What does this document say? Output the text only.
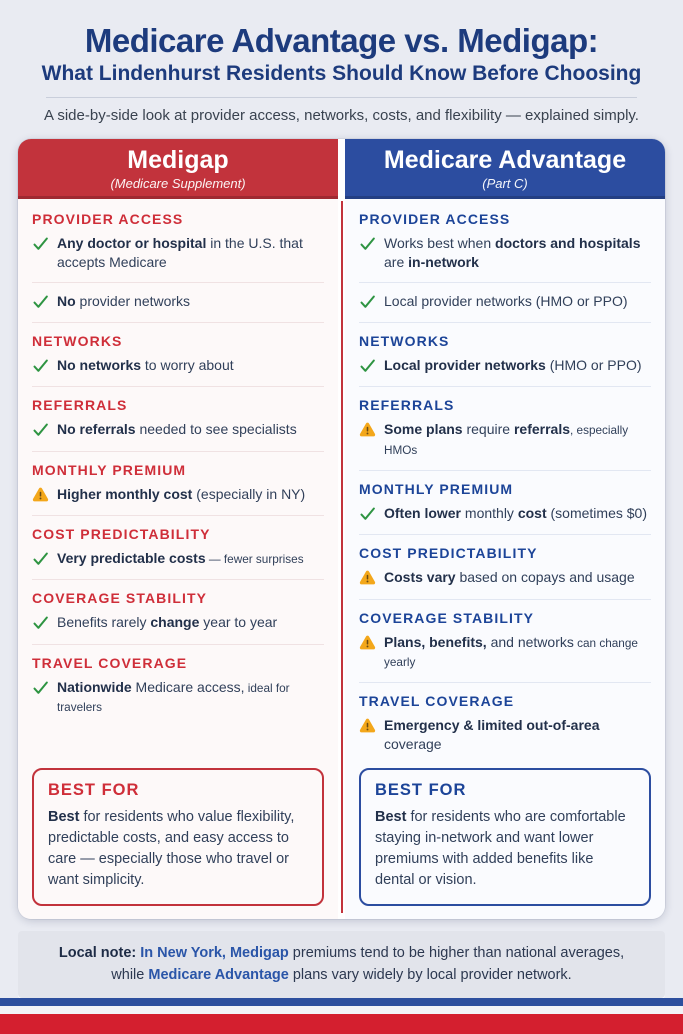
Medicare Advantage vs. Medigap:
What Lindenhurst Residents Should Know Before Choosing

A side-by-side look at provider access, networks, costs, and flexibility — explained simply.

Medigap
(Medicare Supplement)
PROVIDER ACCESS
Any doctor or hospital in the U.S. that accepts Medicare
No provider networks
NETWORKS
No networks to worry about
REFERRALS
No referrals needed to see specialists
MONTHLY PREMIUM
Higher monthly cost (especially in NY)
COST PREDICTABILITY
Very predictable costs — fewer surprises
COVERAGE STABILITY
Benefits rarely change year to year
TRAVEL COVERAGE
Nationwide Medicare access, ideal for travelers
BEST FOR

Best for residents who value flexibility, predictable costs, and easy access to care — especially those who travel or want simplicity.

Medicare Advantage
(Part C)
PROVIDER ACCESS
Works best when doctors and hospitals are in-network
Local provider networks (HMO or PPO)
NETWORKS
Local provider networks (HMO or PPO)
REFERRALS
Some plans require referrals, especially HMOs
MONTHLY PREMIUM
Often lower monthly cost (sometimes $0)
COST PREDICTABILITY
Costs vary based on copays and usage
COVERAGE STABILITY
Plans, benefits, and networks can change yearly
TRAVEL COVERAGE
Emergency & limited out-of-area coverage
BEST FOR

Best for residents who are comfortable staying in-network and want lower premiums with added benefits like dental or vision.

Local note: In New York, Medigap premiums tend to be higher than national averages, while Medicare Advantage plans vary widely by local provider network.
